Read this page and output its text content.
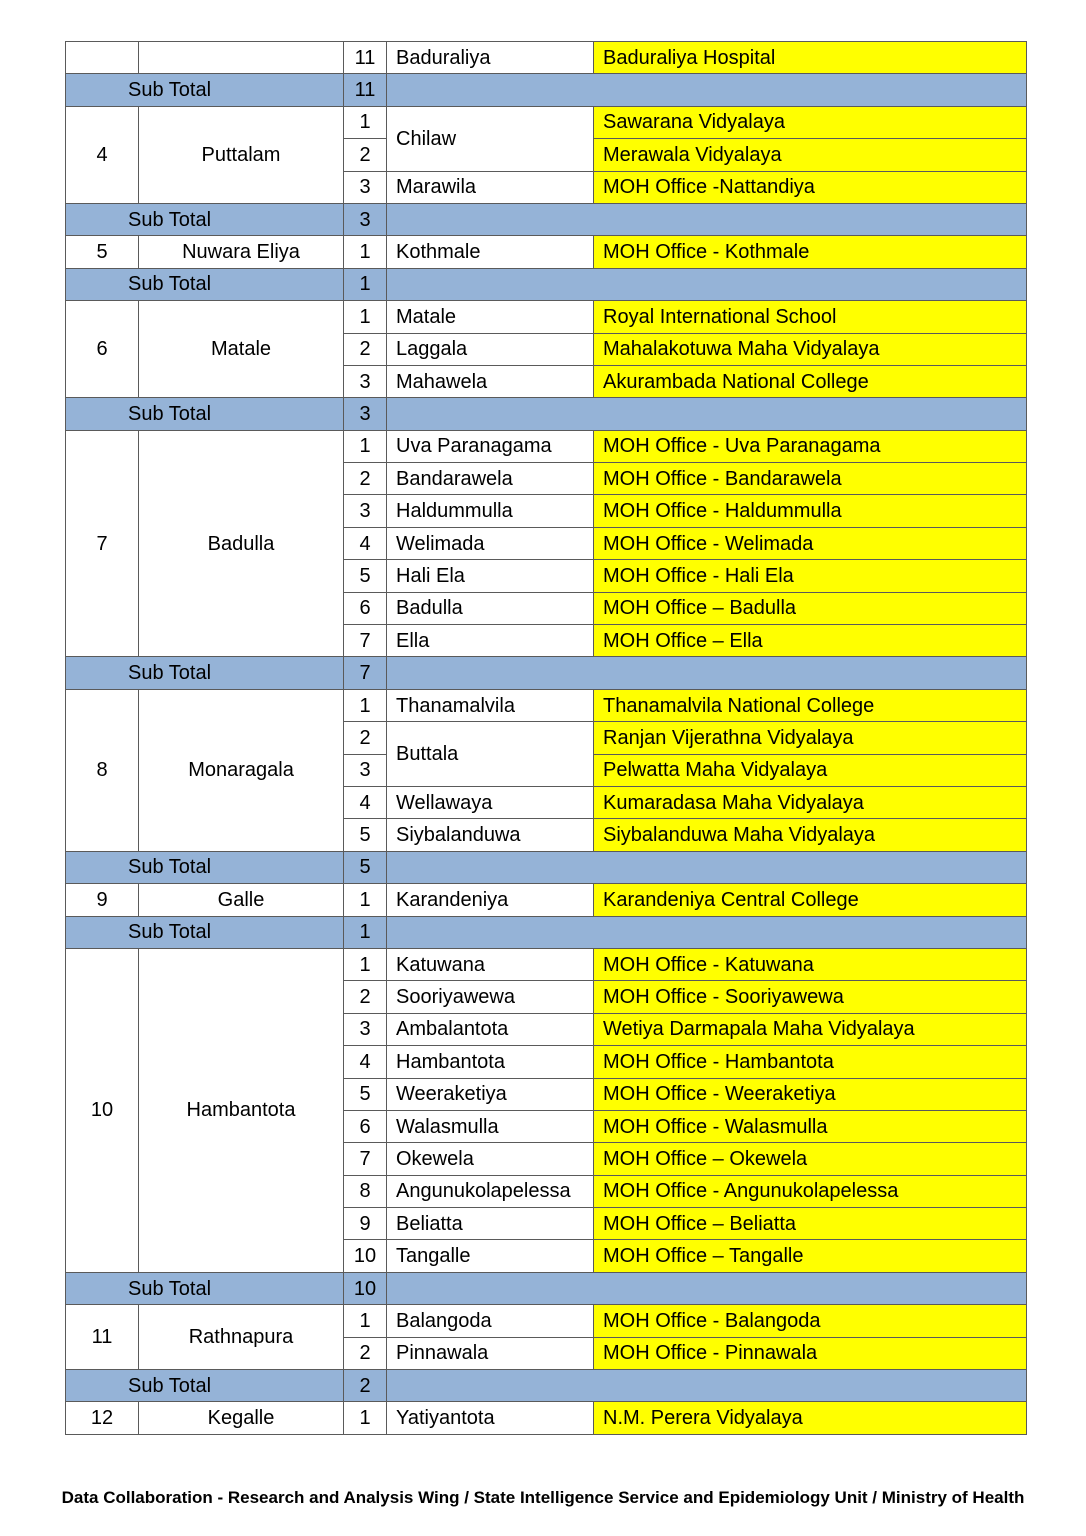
		11	Baduraliya	Baduraliya Hospital
Sub Total		11		
4	Puttalam	1	Chilaw	Sawarana Vidyalaya
		2		Merawala Vidyalaya
		3	Marawila	MOH Office -Nattandiya
Sub Total		3		
5	Nuwara Eliya	1	Kothmale	MOH Office - Kothmale
Sub Total		1		
6	Matale	1	Matale	Royal International School
		2	Laggala	Mahalakotuwa Maha Vidyalaya
		3	Mahawela	Akurambada National College
Sub Total		3		
7	Badulla	1	Uva Paranagama	MOH Office - Uva Paranagama
		2	Bandarawela	MOH Office - Bandarawela
		3	Haldummulla	MOH Office - Haldummulla
		4	Welimada	MOH Office - Welimada
		5	Hali Ela	MOH Office - Hali Ela
		6	Badulla	MOH Office – Badulla
		7	Ella	MOH Office – Ella
Sub Total		7		
8	Monaragala	1	Thanamalvila	Thanamalvila National College
		2	Buttala	Ranjan Vijerathna Vidyalaya
		3		Pelwatta Maha Vidyalaya
		4	Wellawaya	Kumaradasa Maha Vidyalaya
		5	Siybalanduwa	Siybalanduwa Maha Vidyalaya
Sub Total		5		
9	Galle	1	Karandeniya	Karandeniya Central College
Sub Total		1		
10	Hambantota	1	Katuwana	MOH Office - Katuwana
		2	Sooriyawewa	MOH Office - Sooriyawewa
		3	Ambalantota	Wetiya Darmapala Maha Vidyalaya
		4	Hambantota	MOH Office - Hambantota
		5	Weeraketiya	MOH Office - Weeraketiya
		6	Walasmulla	MOH Office - Walasmulla
		7	Okewela	MOH Office – Okewela
		8	Angunukolapelessa	MOH Office - Angunukolapelessa
		9	Beliatta	MOH Office – Beliatta
		10	Tangalle	MOH Office – Tangalle
Sub Total		10		
11	Rathnapura	1	Balangoda	MOH Office - Balangoda
		2	Pinnawala	MOH Office - Pinnawala
Sub Total		2		
12	Kegalle	1	Yatiyantota	N.M. Perera Vidyalaya
Data Collaboration - Research and Analysis Wing / State Intelligence Service and Epidemiology Unit / Ministry of Health
